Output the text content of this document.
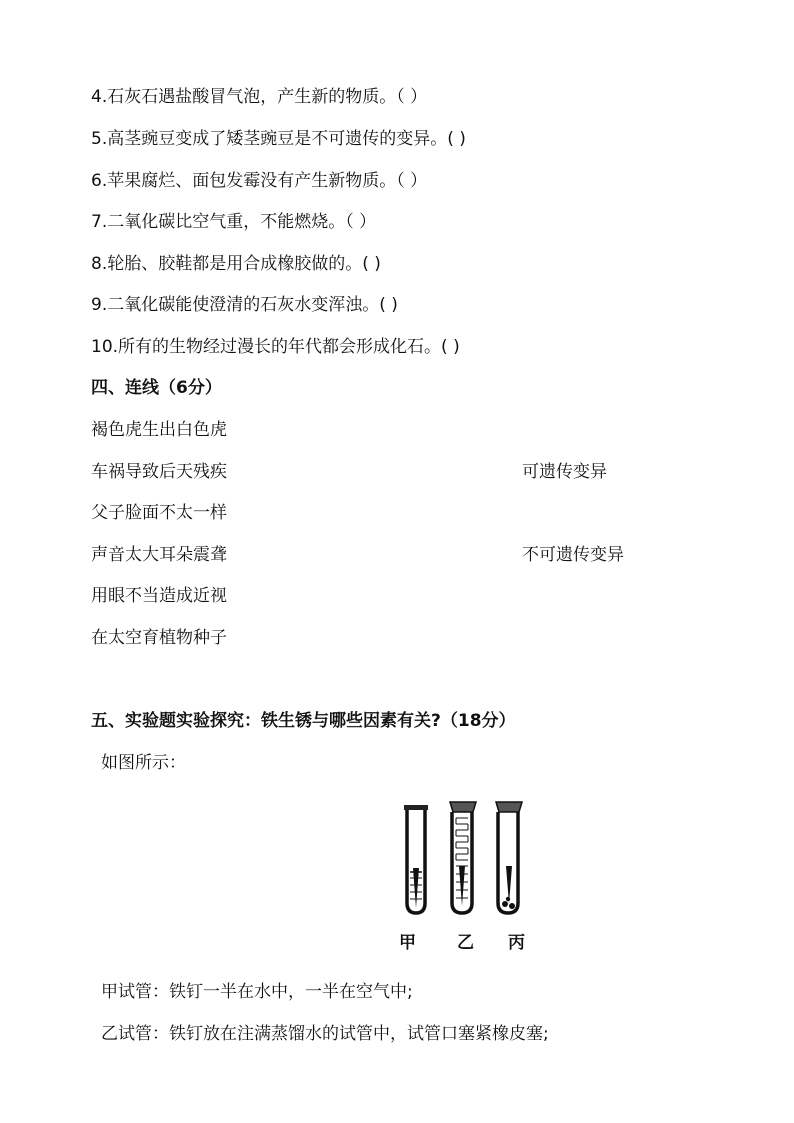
4.石灰石遇盐酸冒气泡，产生新的物质。（ ）
5.高茎豌豆变成了矮茎豌豆是不可遗传的变异。( )
6.苹果腐烂、面包发霉没有产生新物质。（ ）
7.二氧化碳比空气重，不能燃烧。（ ）
8.轮胎、胶鞋都是用合成橡胶做的。( )
9.二氧化碳能使澄清的石灰水变浑浊。( )
10.所有的生物经过漫长的年代都会形成化石。( )
四、连线（6分）
褐色虎生出白色虎
车祸导致后天残疾
父子脸面不太一样
声音太大耳朵震聋
用眼不当造成近视
在太空育植物种子
可遗传变异
不可遗传变异
五、实验题实验探究：铁生锈与哪些因素有关?（18分）
如图所示：
甲 乙 丙
甲试管：铁钉一半在水中，一半在空气中;
乙试管：铁钉放在注满蒸馏水的试管中，试管口塞紧橡皮塞;
